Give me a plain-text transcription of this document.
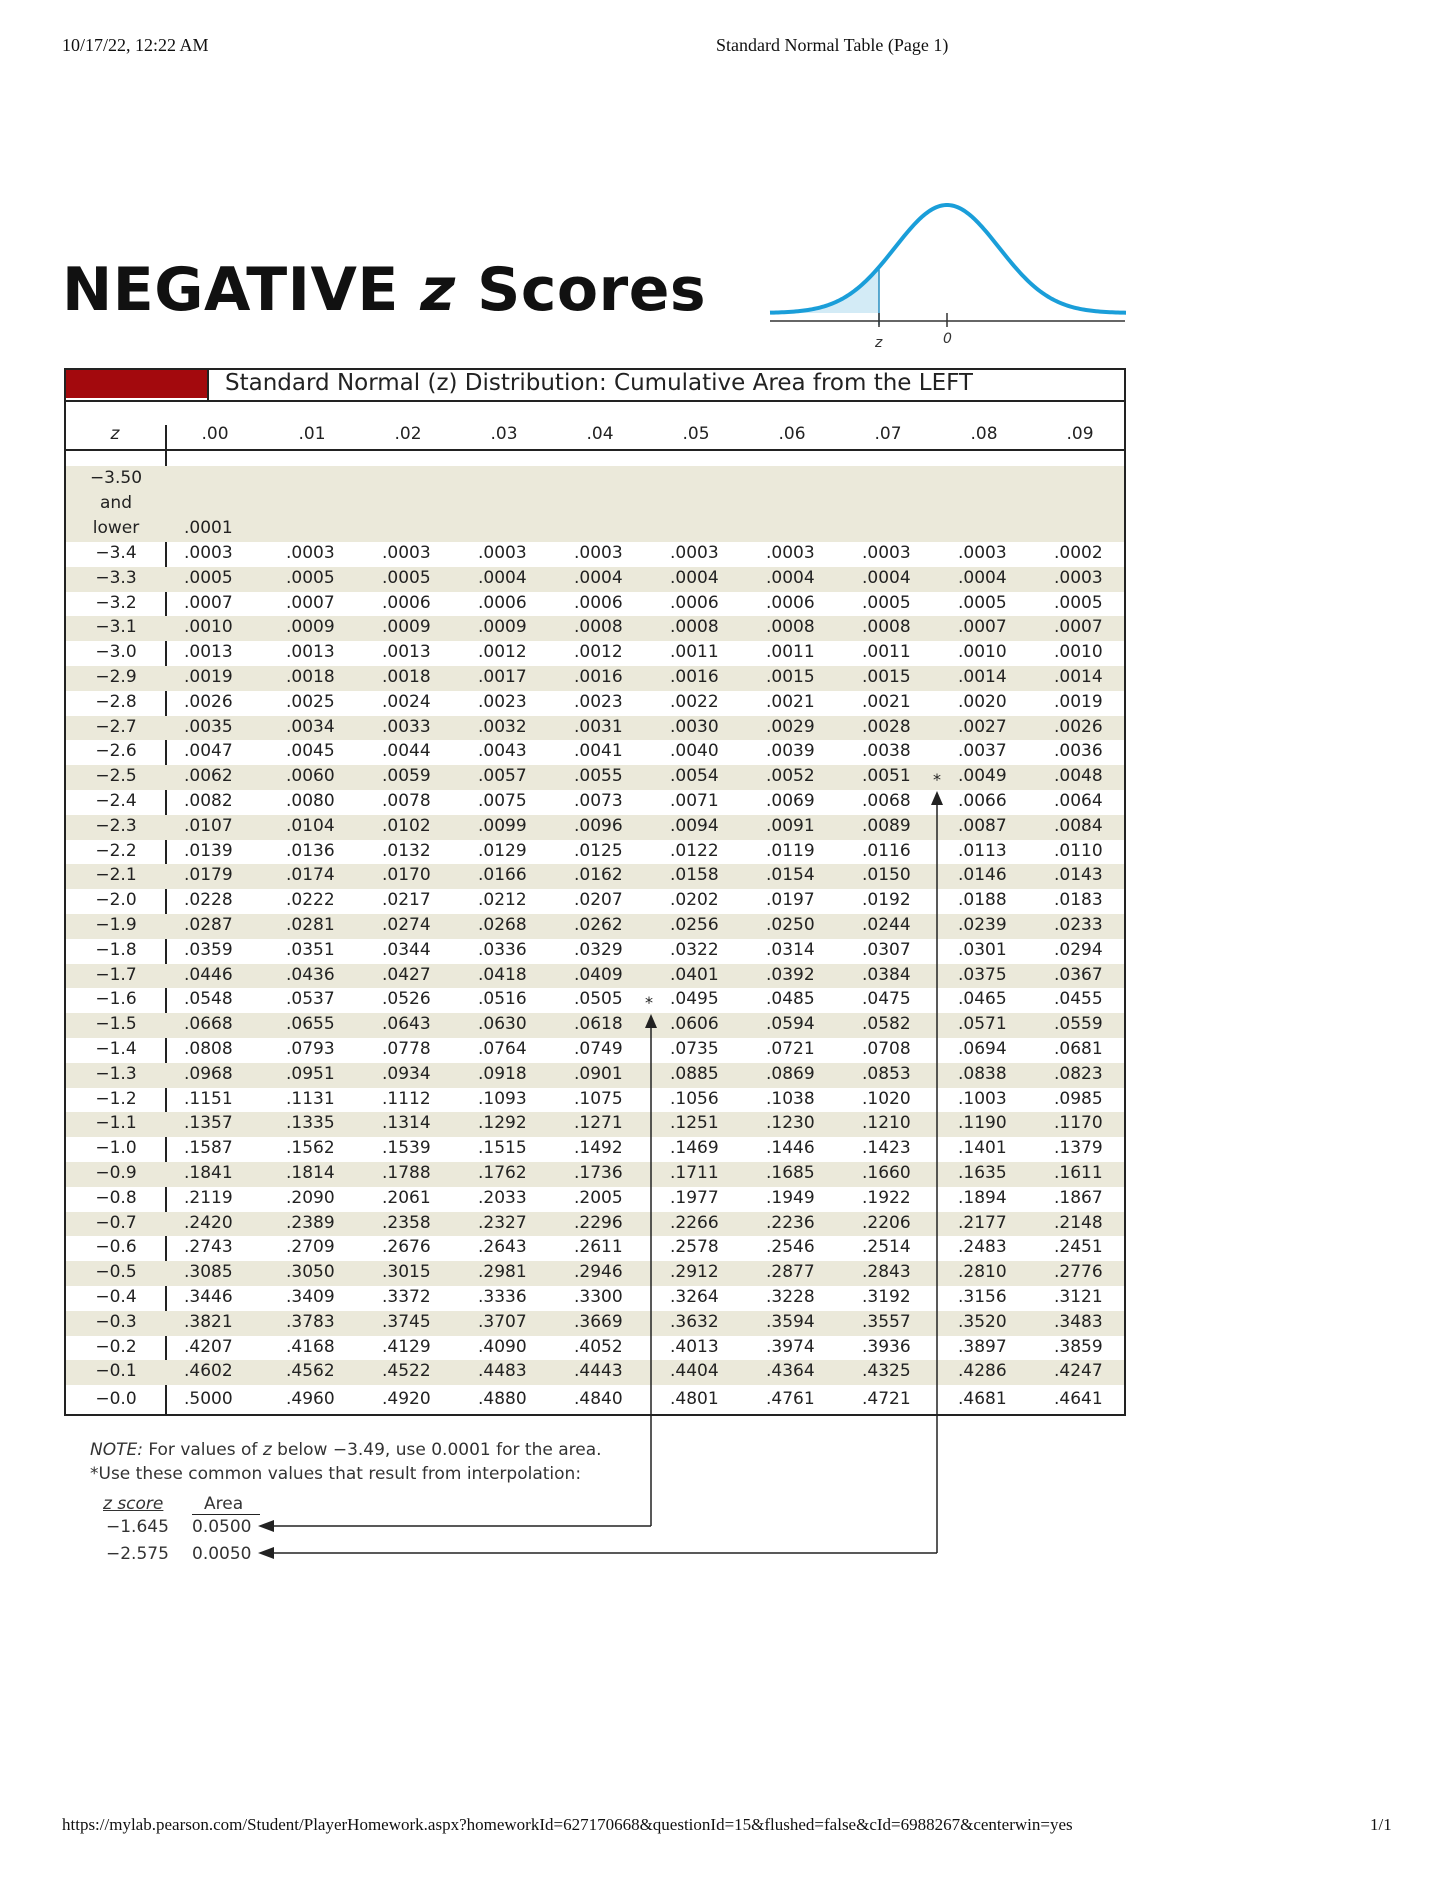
10/17/22, 12:22 AM	Standard Normal Table (Page 1)
https://mylab.pearson.com/Student/PlayerHomework.aspx?homeworkId=627170668&questionId=15&flushed=false&cId=6988267&centerwin=yes	1/1
NEGATIVE z Scores
z	0
Standard Normal (z) Distribution: Cumulative Area from the LEFT
z	.00	.01	.02	.03	.04	.05	.06	.07	.08	.09
−3.50
and
lower	.0001
−3.4	.0003	.0003	.0003	.0003	.0003	.0003	.0003	.0003	.0003	.0002
−3.3	.0005	.0005	.0005	.0004	.0004	.0004	.0004	.0004	.0004	.0003
−3.2	.0007	.0007	.0006	.0006	.0006	.0006	.0006	.0005	.0005	.0005
−3.1	.0010	.0009	.0009	.0009	.0008	.0008	.0008	.0008	.0007	.0007
−3.0	.0013	.0013	.0013	.0012	.0012	.0011	.0011	.0011	.0010	.0010
−2.9	.0019	.0018	.0018	.0017	.0016	.0016	.0015	.0015	.0014	.0014
−2.8	.0026	.0025	.0024	.0023	.0023	.0022	.0021	.0021	.0020	.0019
−2.7	.0035	.0034	.0033	.0032	.0031	.0030	.0029	.0028	.0027	.0026
−2.6	.0047	.0045	.0044	.0043	.0041	.0040	.0039	.0038	.0037	.0036
−2.5	.0062	.0060	.0059	.0057	.0055	.0054	.0052	.0051	.0049	.0048
−2.4	.0082	.0080	.0078	.0075	.0073	.0071	.0069	.0068	.0066	.0064
−2.3	.0107	.0104	.0102	.0099	.0096	.0094	.0091	.0089	.0087	.0084
−2.2	.0139	.0136	.0132	.0129	.0125	.0122	.0119	.0116	.0113	.0110
−2.1	.0179	.0174	.0170	.0166	.0162	.0158	.0154	.0150	.0146	.0143
−2.0	.0228	.0222	.0217	.0212	.0207	.0202	.0197	.0192	.0188	.0183
−1.9	.0287	.0281	.0274	.0268	.0262	.0256	.0250	.0244	.0239	.0233
−1.8	.0359	.0351	.0344	.0336	.0329	.0322	.0314	.0307	.0301	.0294
−1.7	.0446	.0436	.0427	.0418	.0409	.0401	.0392	.0384	.0375	.0367
−1.6	.0548	.0537	.0526	.0516	.0505	.0495	.0485	.0475	.0465	.0455
−1.5	.0668	.0655	.0643	.0630	.0618	.0606	.0594	.0582	.0571	.0559
−1.4	.0808	.0793	.0778	.0764	.0749	.0735	.0721	.0708	.0694	.0681
−1.3	.0968	.0951	.0934	.0918	.0901	.0885	.0869	.0853	.0838	.0823
−1.2	.1151	.1131	.1112	.1093	.1075	.1056	.1038	.1020	.1003	.0985
−1.1	.1357	.1335	.1314	.1292	.1271	.1251	.1230	.1210	.1190	.1170
−1.0	.1587	.1562	.1539	.1515	.1492	.1469	.1446	.1423	.1401	.1379
−0.9	.1841	.1814	.1788	.1762	.1736	.1711	.1685	.1660	.1635	.1611
−0.8	.2119	.2090	.2061	.2033	.2005	.1977	.1949	.1922	.1894	.1867
−0.7	.2420	.2389	.2358	.2327	.2296	.2266	.2236	.2206	.2177	.2148
−0.6	.2743	.2709	.2676	.2643	.2611	.2578	.2546	.2514	.2483	.2451
−0.5	.3085	.3050	.3015	.2981	.2946	.2912	.2877	.2843	.2810	.2776
−0.4	.3446	.3409	.3372	.3336	.3300	.3264	.3228	.3192	.3156	.3121
−0.3	.3821	.3783	.3745	.3707	.3669	.3632	.3594	.3557	.3520	.3483
−0.2	.4207	.4168	.4129	.4090	.4052	.4013	.3974	.3936	.3897	.3859
−0.1	.4602	.4562	.4522	.4483	.4443	.4404	.4364	.4325	.4286	.4247
−0.0	.5000	.4960	.4920	.4880	.4840	.4801	.4761	.4721	.4681	.4641
*
*
NOTE: For values of z below −3.49, use 0.0001 for the area.
*Use these common values that result from interpolation:
z score Area
−1.645 0.0500
−2.575 0.0050
